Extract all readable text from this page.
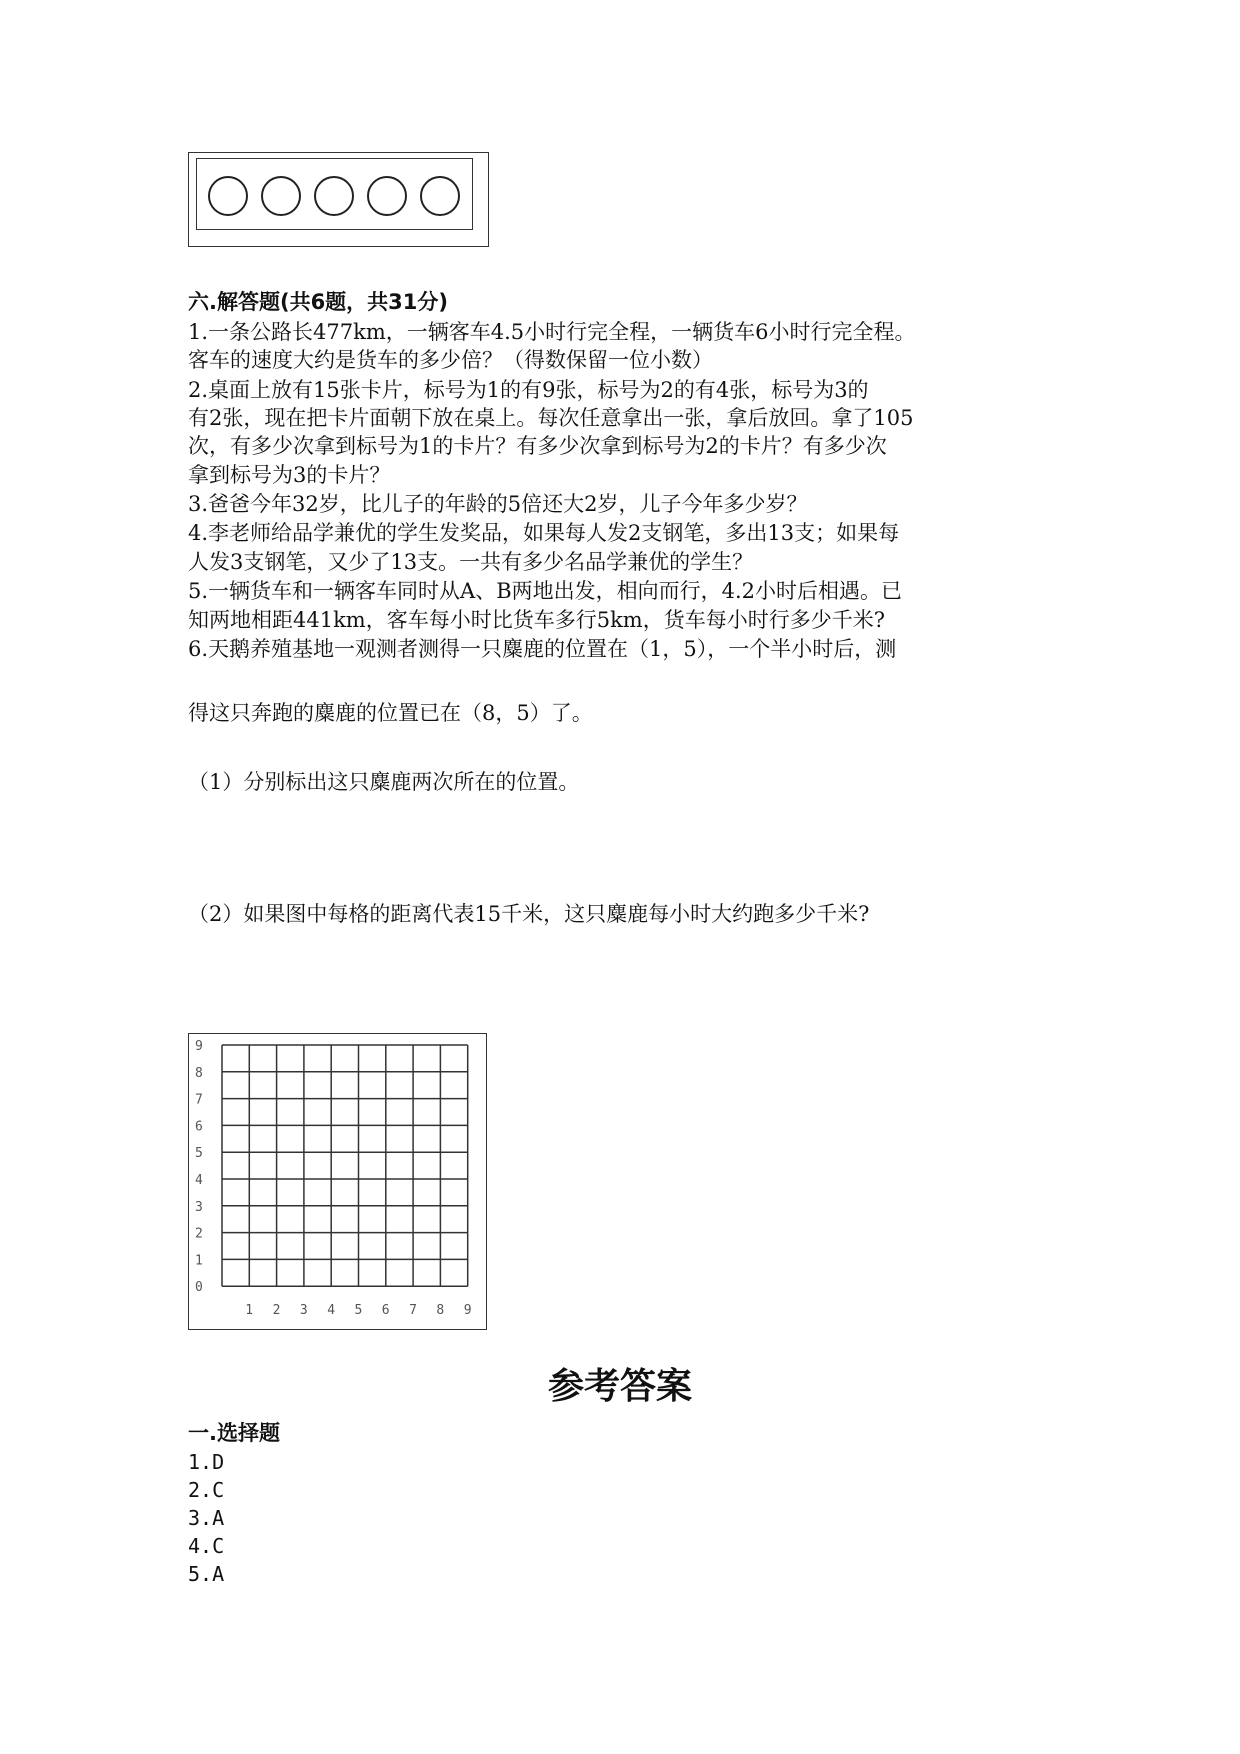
六.解答题(共6题，共31分)
1.一条公路长477km，一辆客车4.5小时行完全程，一辆货车6小时行完全程。
客车的速度大约是货车的多少倍？（得数保留一位小数）
2.桌面上放有15张卡片，标号为1的有9张，标号为2的有4张，标号为3的
有2张，现在把卡片面朝下放在桌上。每次任意拿出一张，拿后放回。拿了105
次，有多少次拿到标号为1的卡片？有多少次拿到标号为2的卡片？有多少次
拿到标号为3的卡片？
3.爸爸今年32岁，比儿子的年龄的5倍还大2岁，儿子今年多少岁？
4.李老师给品学兼优的学生发奖品，如果每人发2支钢笔，多出13支；如果每
人发3支钢笔，又少了13支。一共有多少名品学兼优的学生？
5.一辆货车和一辆客车同时从A、B两地出发，相向而行，4.2小时后相遇。已
知两地相距441km，客车每小时比货车多行5km，货车每小时行多少千米?
6.天鹅养殖基地一观测者测得一只麋鹿的位置在（1，5），一个半小时后，测
得这只奔跑的麋鹿的位置已在（8，5）了。
（1）分别标出这只麋鹿两次所在的位置。
（2）如果图中每格的距离代表15千米，这只麋鹿每小时大约跑多少千米?
9
8
7
6
5
4
3
2
1
0
1 2 3 4 5 6 7 8 9
参考答案
一.选择题
1.D
2.C
3.A
4.C
5.A
